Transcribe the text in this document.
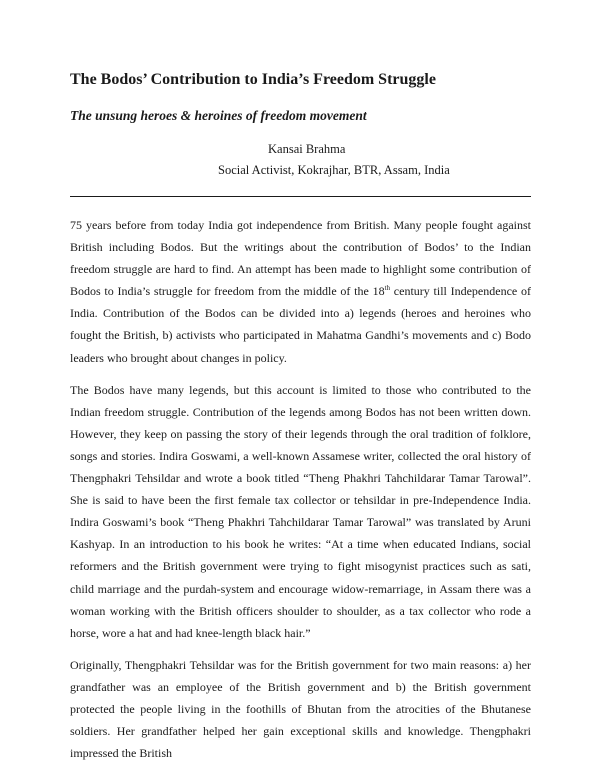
The Bodos’ Contribution to India’s Freedom Struggle
The unsung heroes & heroines of freedom movement
Kansai Brahma
Social Activist, Kokrajhar, BTR, Assam, India

75 years before from today India got independence from British. Many people fought against British including Bodos. But the writings about the contribution of Bodos’ to the Indian freedom struggle are hard to find. An attempt has been made to highlight some contribution of Bodos to India’s struggle for freedom from the middle of the 18th century till Independence of India. Contribution of the Bodos can be divided into a) legends (heroes and heroines who fought the British, b) activists who participated in Mahatma Gandhi’s movements and c) Bodo leaders who brought about changes in policy.

The Bodos have many legends, but this account is limited to those who contributed to the Indian freedom struggle. Contribution of the legends among Bodos has not been written down. However, they keep on passing the story of their legends through the oral tradition of folklore, songs and stories. Indira Goswami, a well-known Assamese writer, collected the oral history of Thengphakri Tehsildar and wrote a book titled “Theng Phakhri Tahchildarar Tamar Tarowal”. She is said to have been the first female tax collector or tehsildar in pre-Independence India. Indira Goswami’s book “Theng Phakhri Tahchildarar Tamar Tarowal” was translated by Aruni Kashyap. In an introduction to his book he writes: “At a time when educated Indians, social reformers and the British government were trying to fight misogynist practices such as sati, child marriage and the purdah-system and encourage widow-remarriage, in Assam there was a woman working with the British officers shoulder to shoulder, as a tax collector who rode a horse, wore a hat and had knee-length black hair.”

Originally, Thengphakri Tehsildar was for the British government for two main reasons: a) her grandfather was an employee of the British government and b) the British government protected the people living in the foothills of Bhutan from the atrocities of the Bhutanese soldiers. Her grandfather helped her gain exceptional skills and knowledge. Thengphakri impressed the British
